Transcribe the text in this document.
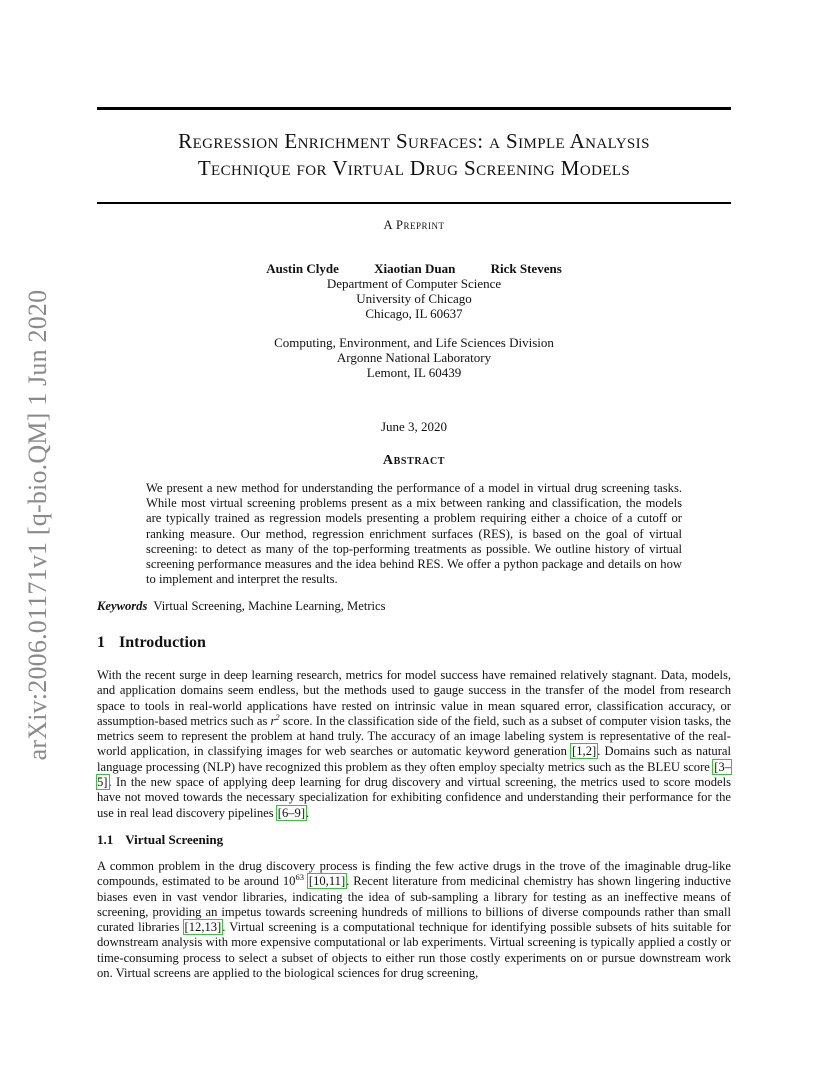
arXiv:2006.01171v1 [q-bio.QM] 1 Jun 2020
Regression Enrichment Surfaces: a Simple Analysis
Technique for Virtual Drug Screening Models
A Preprint
Austin Clyde	Xiaotian Duan	Rick Stevens
Department of Computer Science
University of Chicago
Chicago, IL 60637
Computing, Environment, and Life Sciences Division
Argonne National Laboratory
Lemont, IL 60439
June 3, 2020
Abstract

We present a new method for understanding the performance of a model in virtual drug screening tasks. While most virtual screening problems present as a mix between ranking and classification, the models are typically trained as regression models presenting a problem requiring either a choice of a cutoff or ranking measure. Our method, regression enrichment surfaces (RES), is based on the goal of virtual screening: to detect as many of the top-performing treatments as possible. We outline history of virtual screening performance measures and the idea behind RES. We offer a python package and details on how to implement and interpret the results.

Keywords Virtual Screening, Machine Learning, Metrics
1 Introduction

With the recent surge in deep learning research, metrics for model success have remained relatively stagnant. Data, models, and application domains seem endless, but the methods used to gauge success in the transfer of the model from research space to tools in real-world applications have rested on intrinsic value in mean squared error, classification accuracy, or assumption-based metrics such as $r^2$ score. In the classification side of the field, such as a subset of computer vision tasks, the metrics seem to represent the problem at hand truly. The accuracy of an image labeling system is representative of the real-world application, in classifying images for web searches or automatic keyword generation [1,2]. Domains such as natural language processing (NLP) have recognized this problem as they often employ specialty metrics such as the BLEU score [3–5]. In the new space of applying deep learning for drug discovery and virtual screening, the metrics used to score models have not moved towards the necessary specialization for exhibiting confidence and understanding their performance for the use in real lead discovery pipelines [6–9].

1.1 Virtual Screening

A common problem in the drug discovery process is finding the few active drugs in the trove of the imaginable drug-like compounds, estimated to be around $10^{63}$ [10,11]. Recent literature from medicinal chemistry has shown lingering inductive biases even in vast vendor libraries, indicating the idea of sub-sampling a library for testing as an ineffective means of screening, providing an impetus towards screening hundreds of millions to billions of diverse compounds rather than small curated libraries [12,13]. Virtual screening is a computational technique for identifying possible subsets of hits suitable for downstream analysis with more expensive computational or lab experiments. Virtual screening is typically applied a costly or time-consuming process to select a subset of objects to either run those costly experiments on or pursue downstream work on. Virtual screens are applied to the biological sciences for drug screening,
